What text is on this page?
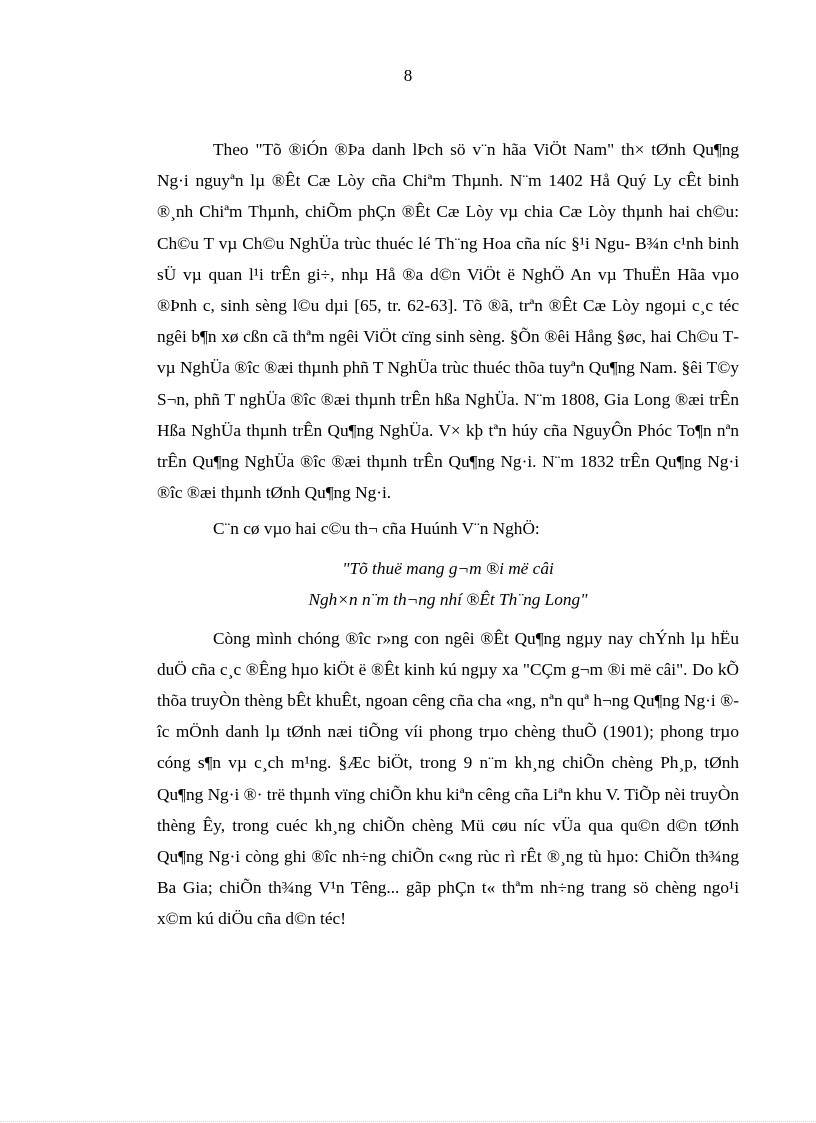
8

Theo "Tõ ®iÓn ®Þa danh lÞch sö v¨n hãa ViÖt Nam" th× tØnh Qu¶ng Ng·i nguyªn lµ ®Êt Cæ Lòy cña Chiªm Thµnh. N¨m 1402 Hå Quý Ly cÊt binh ®¸nh Chiªm Thµnh, chiÕm phÇn ®Êt Cæ Lòy vµ chia Cæ Lòy thµnh hai ch©u: Ch©u T vµ Ch©u NghÜa trùc thuéc lé Th¨ng Hoa cña níc §¹i Ngu- B¾n c¹nh binh sÜ vµ quan l¹i trÊn gi÷, nhµ Hå ®a d©n ViÖt ë NghÖ An vµ ThuËn Hãa vµo ®Þnh c, sinh sèng l©u dµi [65, tr. 62-63]. Tõ ®ã, trªn ®Êt Cæ Lòy ngoµi c¸c téc ngêi b¶n xø cßn cã thªm ngêi ViÖt cïng sinh sèng. §Õn ®êi Hång §øc, hai Ch©u T vµ NghÜa ®îc ®æi thµnh phñ T NghÜa trùc thuéc thõa tuyªn Qu¶ng Nam. §êi T©y S¬n, phñ T nghÜa ®îc ®æi thµnh trÊn hßa NghÜa. N¨m 1808, Gia Long ®æi trÊn Hßa NghÜa thµnh trÊn Qu¶ng NghÜa. V× kþ tªn húy cña NguyÔn Phóc To¶n nªn trÊn Qu¶ng NghÜa ®îc ®æi thµnh trÊn Qu¶ng Ng·i. N¨m 1832 trÊn Qu¶ng Ng·i ®îc ®æi thµnh tØnh Qu¶ng Ng·i.

C¨n cø vµo hai c©u th¬ cña Huúnh V¨n NghÖ:

"Tõ thuë mang g¬m ®i më câi
Ngh×n n¨m th¬ng nhí ®Êt Th¨ng Long"

Còng mình chóng ®îc r»ng con ngêi ®Êt Qu¶ng ngµy nay chÝnh lµ hËu duÖ cña c¸c ®Êng hµo kiÖt ë ®Êt kinh kú ngµy xa "CÇm g¬m ®i më câi". Do kÕ thõa truyÒn thèng bÊt khuÊt, ngoan cêng cña cha «ng, nªn quª h¬ng Qu¶ng Ng·i ®îc mÖnh danh lµ tØnh næi tiÕng víi phong trµo chèng thuÕ (1901); phong trµo cóng s¶n vµ c¸ch m¹ng. §Æc biÖt, trong 9 n¨m kh¸ng chiÕn chèng Ph¸p, tØnh Qu¶ng Ng·i ®· trë thµnh vïng chiÕn khu kiªn cêng cña Liªn khu V. TiÕp nèi truyÒn thèng Êy, trong cuéc kh¸ng chiÕn chèng Mü cøu níc vÜa qua qu©n d©n tØnh Qu¶ng Ng·i còng ghi ®îc nh÷ng chiÕn c«ng rùc rì rÊt ®¸ng tù hµo: ChiÕn th¾ng Ba Gia; chiÕn th¾ng V¹n Têng... gãp phÇn t« thªm nh÷ng trang sö chèng ngo¹i x©m kú diÖu cña d©n téc!
